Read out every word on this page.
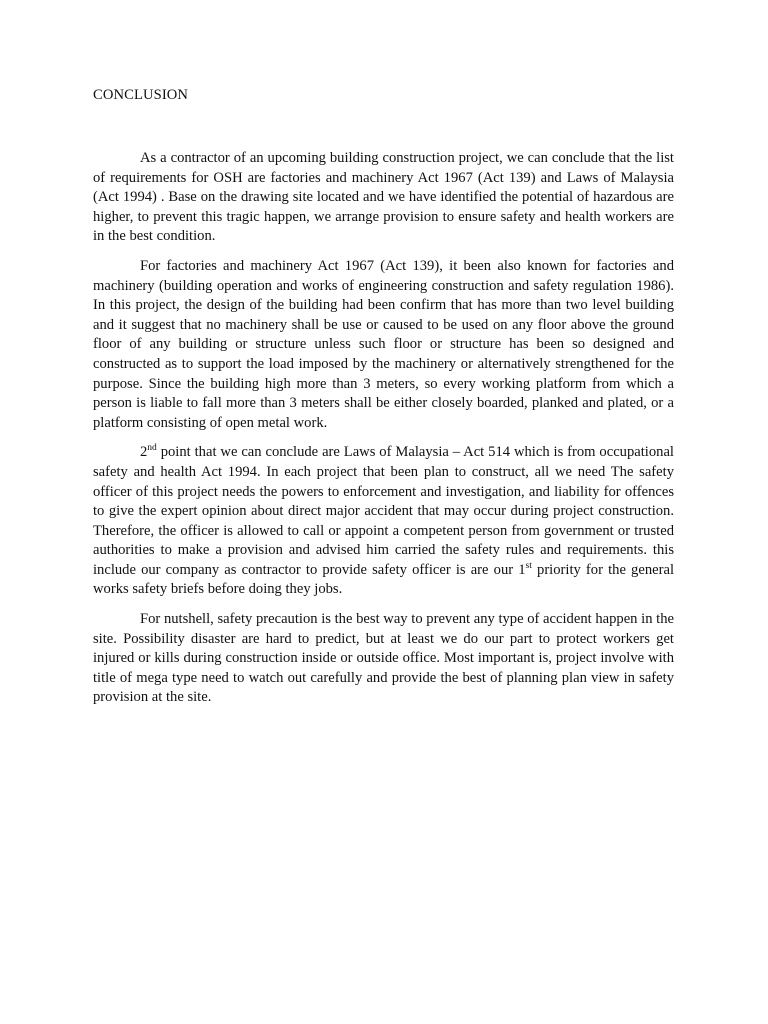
CONCLUSION

As a contractor of an upcoming building construction project, we can conclude that the list of requirements for OSH are factories and machinery Act 1967 (Act 139) and Laws of Malaysia (Act 1994) . Base on the drawing site located and we have identified the potential of hazardous are higher, to prevent this tragic happen, we arrange provision to ensure safety and health workers are in the best condition.

For factories and machinery Act 1967 (Act 139), it been also known for factories and machinery (building operation and works of engineering construction and safety regulation 1986). In this project, the design of the building had been confirm that has more than two level building and it suggest that no machinery shall be use or caused to be used on any floor above the ground floor of any building or structure unless such floor or structure has been so designed and constructed as to support the load imposed by the machinery or alternatively strengthened for the purpose. Since the building high more than 3 meters, so every working platform from which a person is liable to fall more than 3 meters shall be either closely boarded, planked and plated, or a platform consisting of open metal work.

2nd point that we can conclude are Laws of Malaysia – Act 514 which is from occupational safety and health Act 1994. In each project that been plan to construct, all we need The safety officer of this project needs the powers to enforcement and investigation, and liability for offences to give the expert opinion about direct major accident that may occur during project construction. Therefore, the officer is allowed to call or appoint a competent person from government or trusted authorities to make a provision and advised him carried the safety rules and requirements. this include our company as contractor to provide safety officer is are our 1st priority for the general works safety briefs before doing they jobs.

For nutshell, safety precaution is the best way to prevent any type of accident happen in the site. Possibility disaster are hard to predict, but at least we do our part to protect workers get injured or kills during construction inside or outside office. Most important is, project involve with title of mega type need to watch out carefully and provide the best of planning plan view in safety provision at the site.
